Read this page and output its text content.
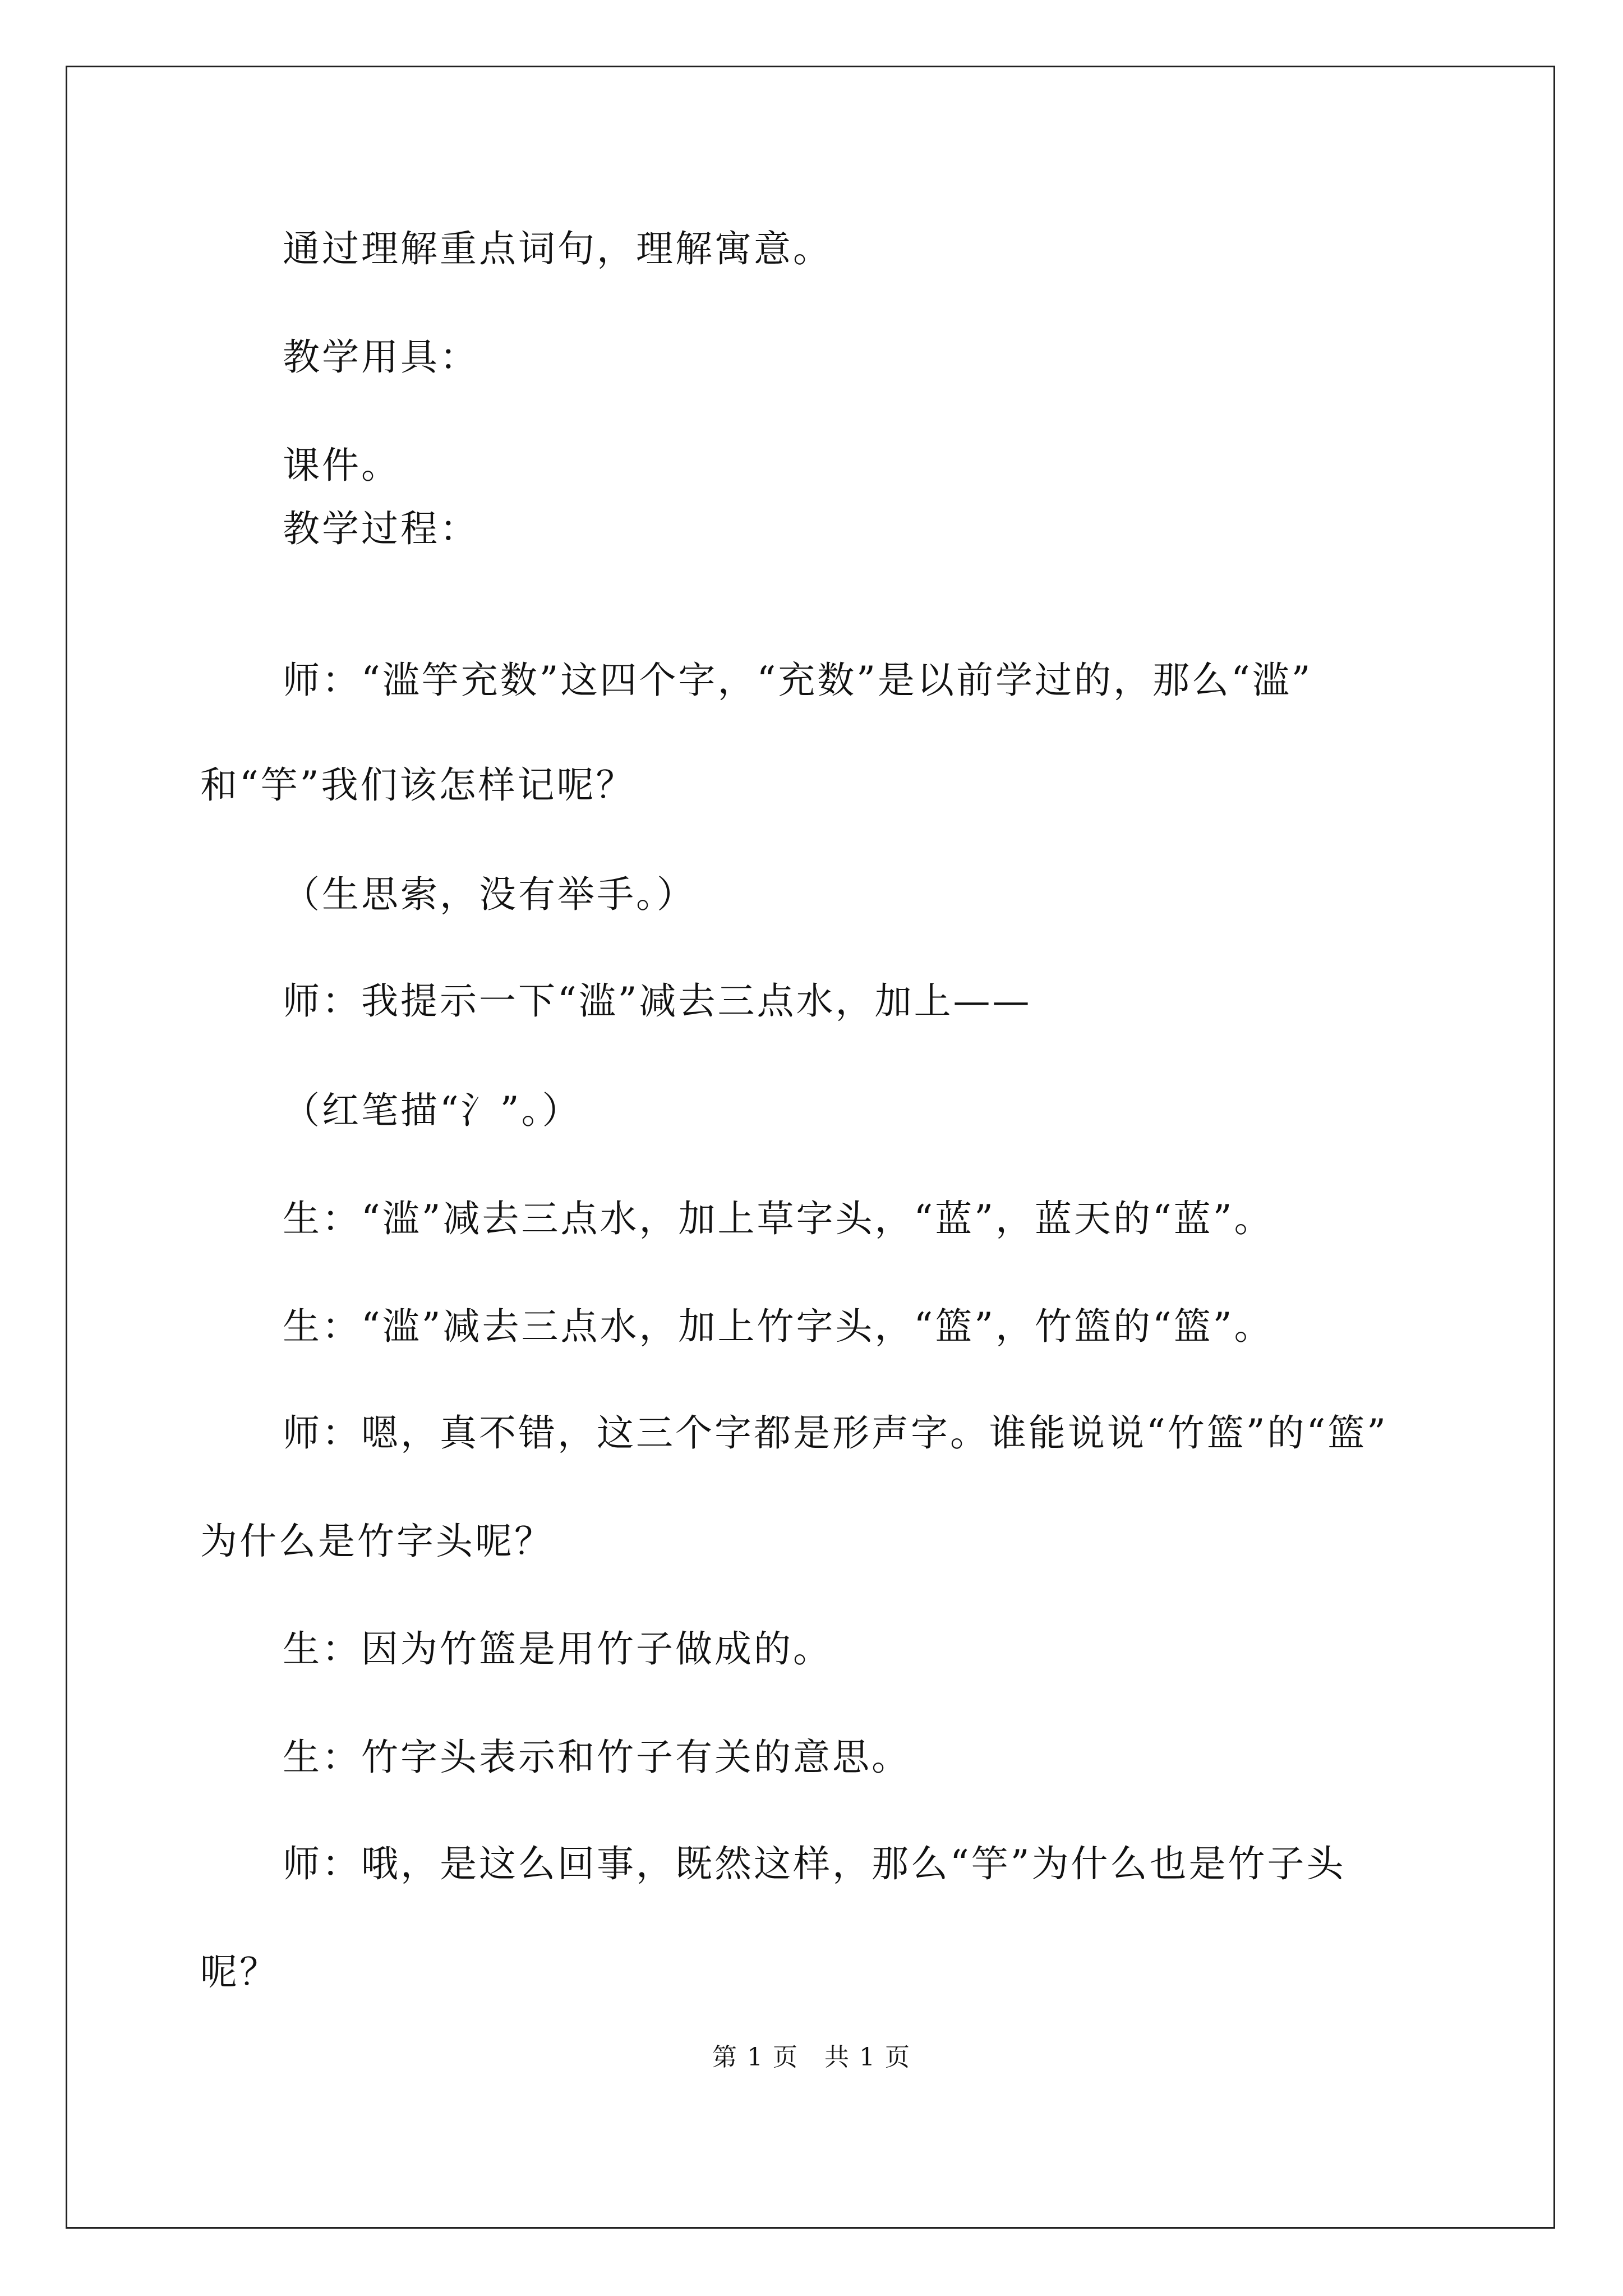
通过理解重点词句，理解寓意。
教学用具：
课件。
教学过程：
师：“滥竽充数”这四个字，“充数”是以前学过的，那么“滥”
和“竽”我们该怎样记呢？
（生思索，没有举手。）
师：我提示一下“滥”减去三点水，加上——
（红笔描“氵”。）
生：“滥”减去三点水，加上草字头，“蓝”，蓝天的“蓝”。
生：“滥”减去三点水，加上竹字头，“篮”，竹篮的“篮”。
师：嗯，真不错，这三个字都是形声字。谁能说说“竹篮”的“篮”
为什么是竹字头呢？
生：因为竹篮是用竹子做成的。
生：竹字头表示和竹子有关的意思。
师：哦，是这么回事，既然这样，那么“竽”为什么也是竹子头
呢？
第 1 页　共 1 页
